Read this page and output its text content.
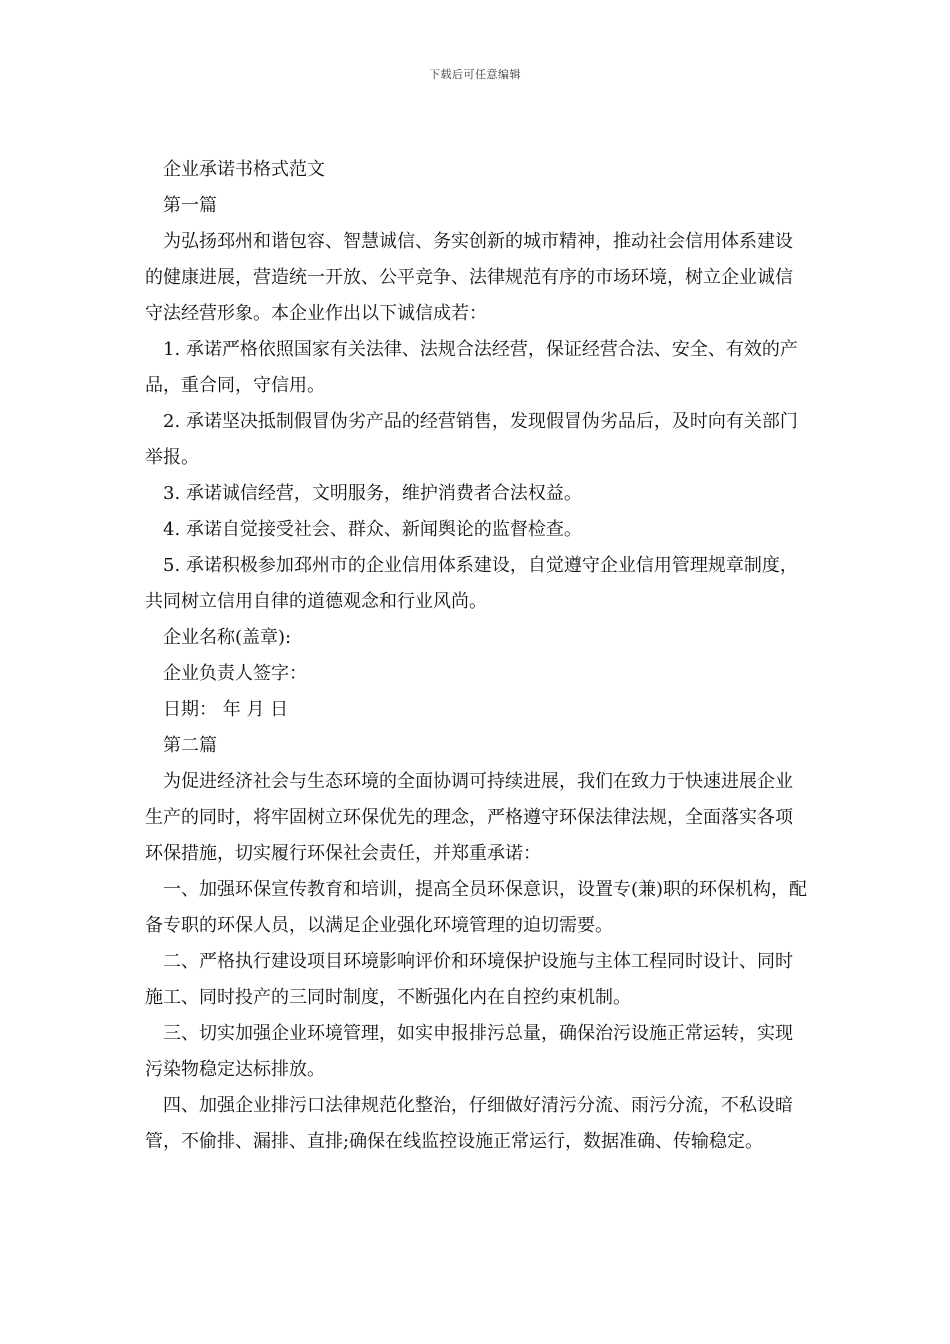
下载后可任意编辑

企业承诺书格式范文

第一篇

为弘扬邳州和谐包容、智慧诚信、务实创新的城市精神，推动社会信用体系建设的健康进展，营造统一开放、公平竞争、法律规范有序的市场环境，树立企业诚信守法经营形象。本企业作出以下诚信成若：

1. 承诺严格依照国家有关法律、法规合法经营，保证经营合法、安全、有效的产品，重合同，守信用。

2. 承诺坚决抵制假冒伪劣产品的经营销售，发现假冒伪劣品后，及时向有关部门举报。

3. 承诺诚信经营，文明服务，维护消费者合法权益。

4. 承诺自觉接受社会、群众、新闻舆论的监督检查。

5. 承诺积极参加邳州市的企业信用体系建设，自觉遵守企业信用管理规章制度，共同树立信用自律的道德观念和行业风尚。

企业名称(盖章):

企业负责人签字：

日期： 年 月 日

第二篇

为促进经济社会与生态环境的全面协调可持续进展，我们在致力于快速进展企业生产的同时，将牢固树立环保优先的理念，严格遵守环保法律法规，全面落实各项环保措施，切实履行环保社会责任，并郑重承诺：

一、加强环保宣传教育和培训，提高全员环保意识，设置专(兼)职的环保机构，配备专职的环保人员，以满足企业强化环境管理的迫切需要。

二、严格执行建设项目环境影响评价和环境保护设施与主体工程同时设计、同时施工、同时投产的三同时制度，不断强化内在自控约束机制。

三、切实加强企业环境管理，如实申报排污总量，确保治污设施正常运转，实现污染物稳定达标排放。

四、加强企业排污口法律规范化整治，仔细做好清污分流、雨污分流，不私设暗管，不偷排、漏排、直排;确保在线监控设施正常运行，数据准确、传输稳定。
